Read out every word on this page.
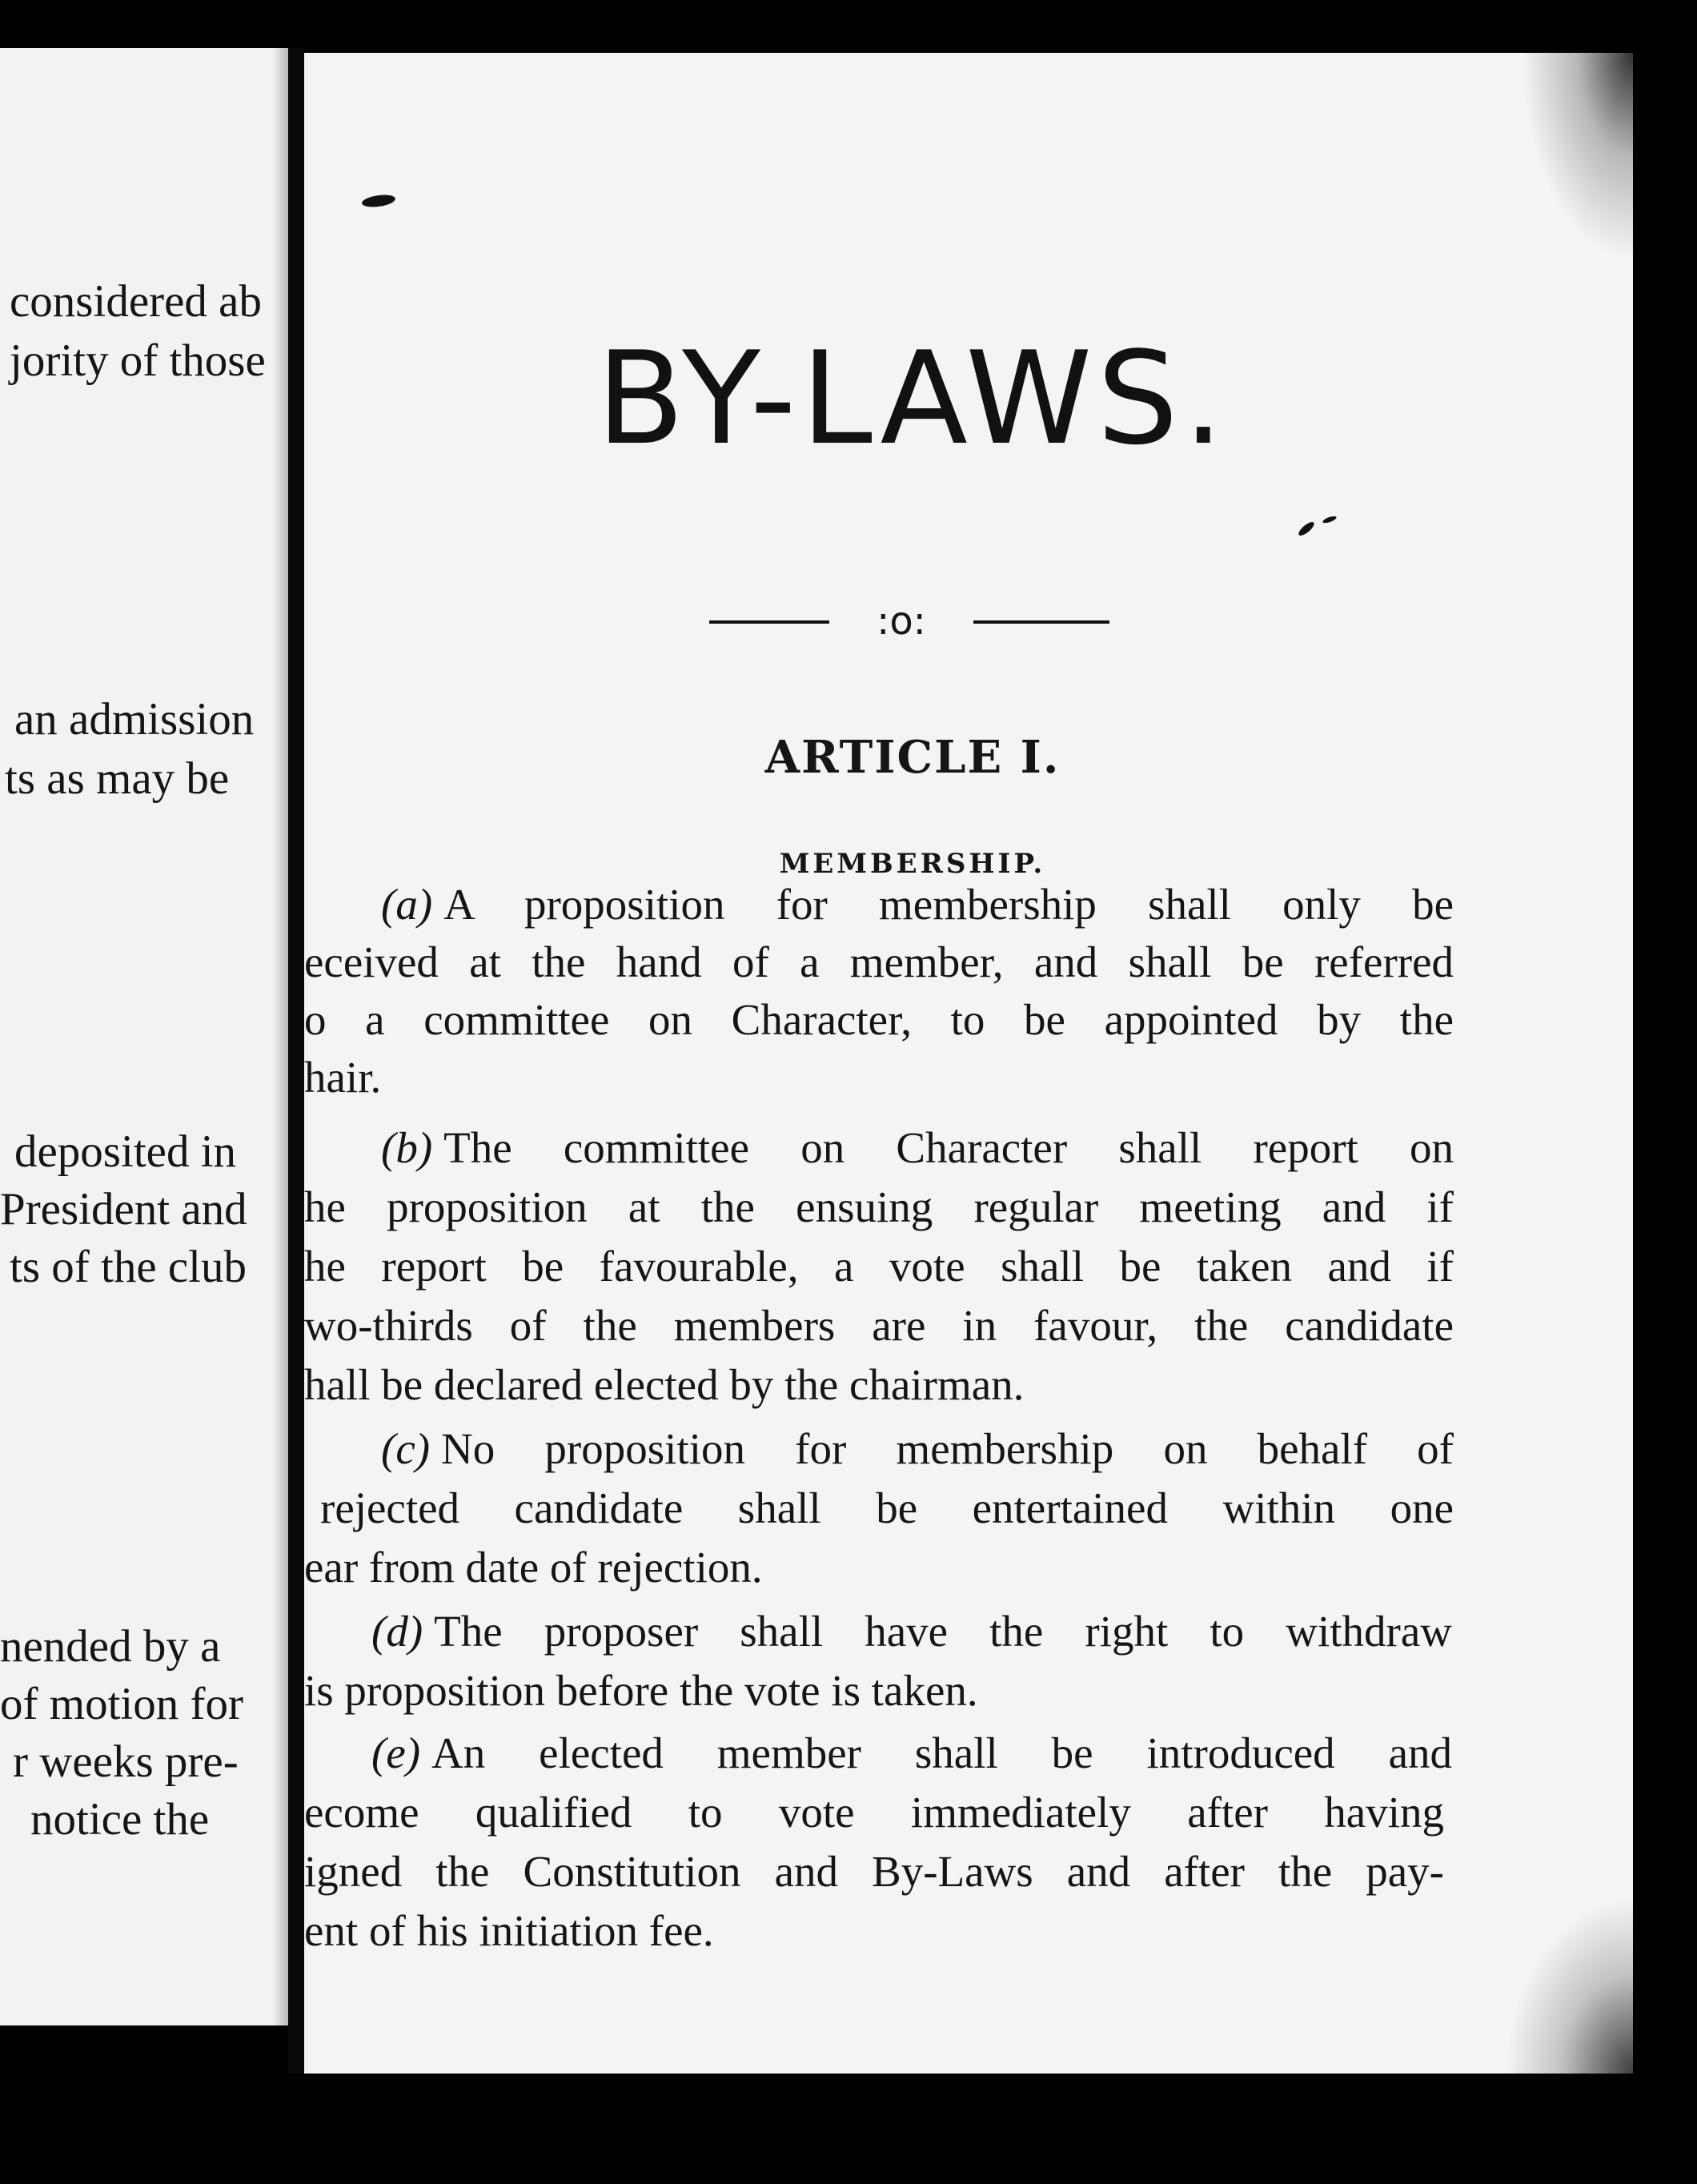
considered ab
jority of those
an admission
ts as may be
deposited in
President and
ts of the club
nended by a
of motion for
r weeks pre-
notice the
BY-LAWS.
:o:
ARTICLE I.
MEMBERSHIP.
(a) A proposition for membership shall only be
eceived at the hand of a member, and shall be referred
o a committee on Character, to be appointed by the
hair.
(b) The committee on Character shall report on
he proposition at the ensuing regular meeting and if
he report be favourable, a vote shall be taken and if
wo-thirds of the members are in favour, the candidate
hall be declared elected by the chairman.
(c) No proposition for membership on behalf of
rejected candidate shall be entertained within one
ear from date of rejection.
(d) The proposer shall have the right to withdraw
is proposition before the vote is taken.
(e) An elected member shall be introduced and
ecome qualified to vote immediately after having
igned the Constitution and By-Laws and after the pay-
ent of his initiation fee.
